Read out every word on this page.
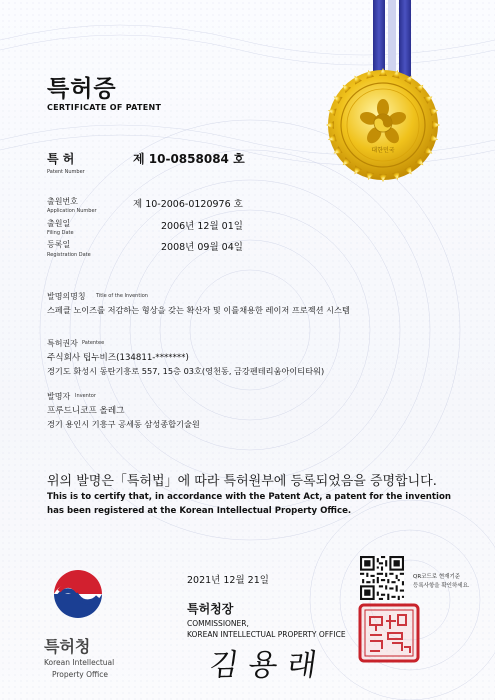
대한민국
특허증
CERTIFICATE OF PATENT
특 허
Patent Number
제 10-0858084 호
출원번호
Application Number
제 10-2006-0120976 호
출원일
Filing Date
2006년 12월 01일
등록일
Registration Date
2008년 09월 04일
발명의명칭 Title of the Invention
스페클 노이즈를 저감하는 형상을 갖는 확산자 및 이를채용한 레이저 프로젝션 시스템
특허권자 Patentee
주식회사 팁누비즈(134811-*******)
경기도 화성시 동탄기흥로 557, 15층 03호(영천동, 금강펜테리움아이티타워)
발명자 Inventor
프루드니코프 올레그
경기 용인시 기흥구 공세동 삼성종합기술원
위의 발명은「특허법」에 따라 특허원부에 등록되었음을 증명합니다.
This is to certify that, in accordance with the Patent Act, a patent for the invention
has been registered at the Korean Intellectual Property Office.
2021년 12월 21일	QR코드로 현재기준
등록사항을 확인하세요.
특허청장
COMMISSIONER,
KOREAN INTELLECTUAL PROPERTY OFFICE
김용래
특허청
Korean Intellectual
Property Office
